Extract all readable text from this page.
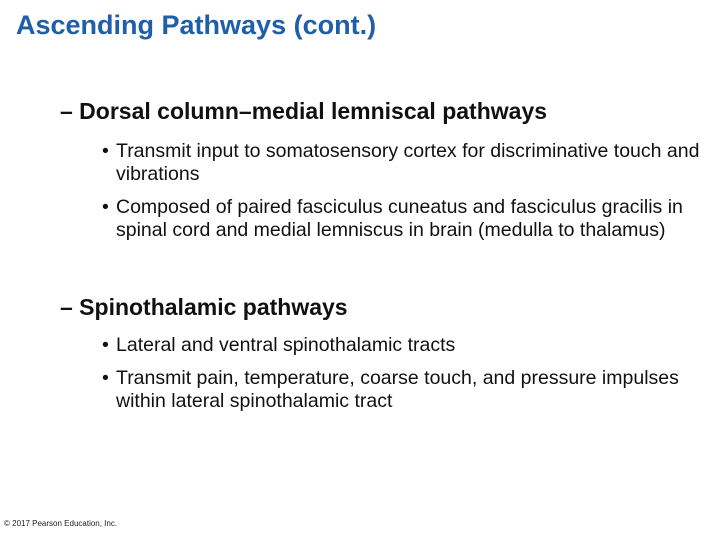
Ascending Pathways (cont.)
– Dorsal column–medial lemniscal pathways
• Transmit input to somatosensory cortex for discriminative touch and vibrations
• Composed of paired fasciculus cuneatus and fasciculus gracilis in spinal cord and medial lemniscus in brain (medulla to thalamus)
– Spinothalamic pathways
• Lateral and ventral spinothalamic tracts
• Transmit pain, temperature, coarse touch, and pressure impulses within lateral spinothalamic tract
© 2017 Pearson Education, Inc.
